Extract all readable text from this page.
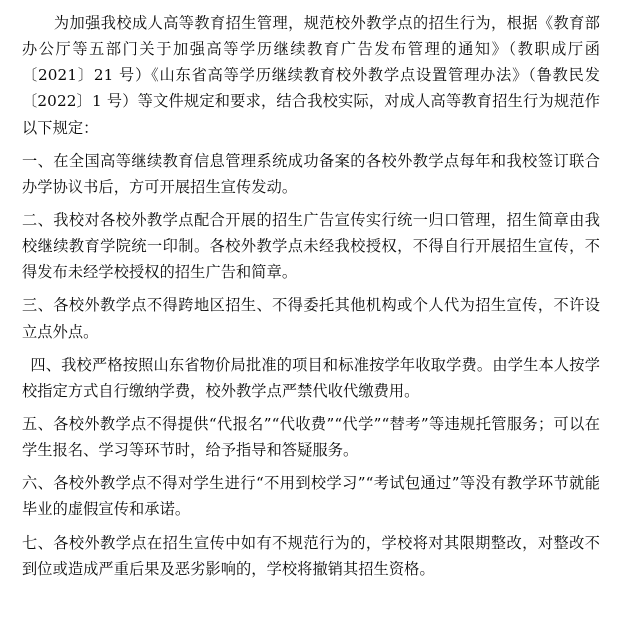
为加强我校成人高等教育招生管理，规范校外教学点的招生行为，根据《教育部办公厅等五部门关于加强高等学历继续教育广告发布管理的通知》（教职成厅函〔2021〕21 号）《山东省高等学历继续教育校外教学点设置管理办法》（鲁教民发〔2022〕1 号）等文件规定和要求，结合我校实际，对成人高等教育招生行为规范作以下规定：

一、在全国高等继续教育信息管理系统成功备案的各校外教学点每年和我校签订联合办学协议书后，方可开展招生宣传发动。

二、我校对各校外教学点配合开展的招生广告宣传实行统一归口管理，招生简章由我校继续教育学院统一印制。各校外教学点未经我校授权，不得自行开展招生宣传，不得发布未经学校授权的招生广告和简章。

三、各校外教学点不得跨地区招生、不得委托其他机构或个人代为招生宣传，不许设立点外点。

四、我校严格按照山东省物价局批准的项目和标准按学年收取学费。由学生本人按学校指定方式自行缴纳学费，校外教学点严禁代收代缴费用。

五、各校外教学点不得提供“代报名”“代收费”“代学”“替考”等违规托管服务；可以在学生报名、学习等环节时，给予指导和答疑服务。

六、各校外教学点不得对学生进行“不用到校学习”“考试包通过”等没有教学环节就能毕业的虚假宣传和承诺。

七、各校外教学点在招生宣传中如有不规范行为的，学校将对其限期整改，对整改不到位或造成严重后果及恶劣影响的，学校将撤销其招生资格。
